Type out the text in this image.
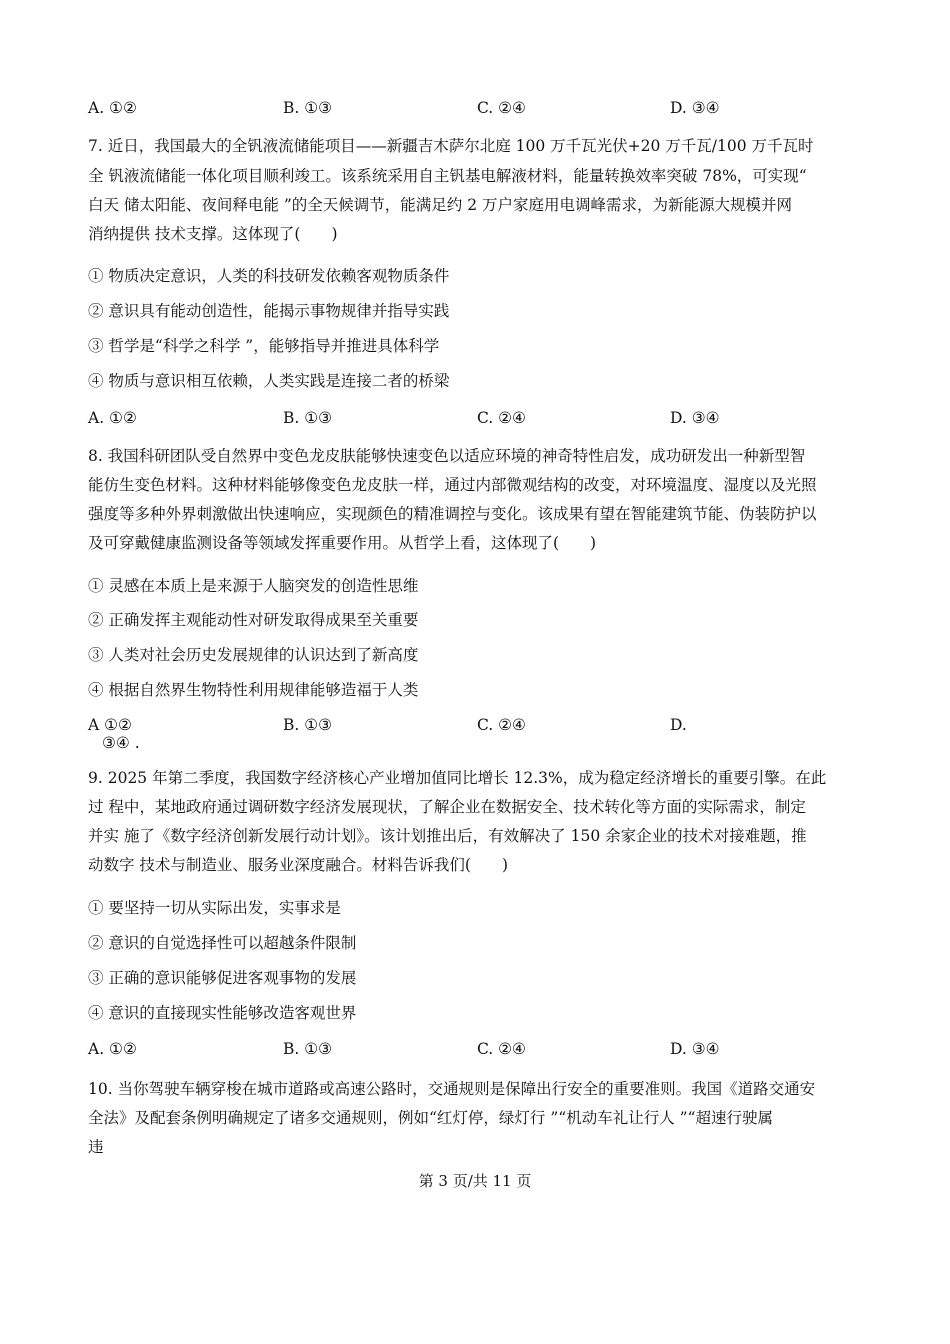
A. ①②	B. ①③	C. ②④	D. ③④
7. 近日，我国最大的全钒液流储能项目——新疆吉木萨尔北庭 100 万千瓦光伏+20 万千瓦/100 万千瓦时
全 钒液流储能一体化项目顺利竣工。该系统采用自主钒基电解液材料，能量转换效率突破 78%，可实现“
白天 储太阳能、夜间释电能 ”的全天候调节，能满足约 2 万户家庭用电调峰需求，为新能源大规模并网
消纳提供 技术支撑。这体现了(　　)
① 物质决定意识，人类的科技研发依赖客观物质条件
② 意识具有能动创造性，能揭示事物规律并指导实践
③ 哲学是“科学之科学 ”，能够指导并推进具体科学
④ 物质与意识相互依赖，人类实践是连接二者的桥梁
A. ①②	B. ①③	C. ②④	D. ③④
8. 我国科研团队受自然界中变色龙皮肤能够快速变色以适应环境的神奇特性启发，成功研发出一种新型智
能仿生变色材料。这种材料能够像变色龙皮肤一样，通过内部微观结构的改变，对环境温度、湿度以及光照
强度等多种外界刺激做出快速响应，实现颜色的精准调控与变化。该成果有望在智能建筑节能、伪装防护以
及可穿戴健康监测设备等领域发挥重要作用。从哲学上看，这体现了(　　)
① 灵感在本质上是来源于人脑突发的创造性思维
② 正确发挥主观能动性对研发取得成果至关重要
③ 人类对社会历史发展规律的认识达到了新高度
④ 根据自然界生物特性利用规律能够造福于人类
A ①②	B. ①③	C. ②④	D.
③④ .
9. 2025 年第二季度，我国数字经济核心产业增加值同比增长 12.3%，成为稳定经济增长的重要引擎。在此
过 程中，某地政府通过调研数字经济发展现状，了解企业在数据安全、技术转化等方面的实际需求，制定
并实 施了《数字经济创新发展行动计划》。该计划推出后，有效解决了 150 余家企业的技术对接难题，推
动数字 技术与制造业、服务业深度融合。材料告诉我们(　　)
① 要坚持一切从实际出发，实事求是
② 意识的自觉选择性可以超越条件限制
③ 正确的意识能够促进客观事物的发展
④ 意识的直接现实性能够改造客观世界
A. ①②	B. ①③	C. ②④	D. ③④
10. 当你驾驶车辆穿梭在城市道路或高速公路时，交通规则是保障出行安全的重要准则。我国《道路交通安
全法》及配套条例明确规定了诸多交通规则，例如“红灯停，绿灯行 ”“机动车礼让行人 ”“超速行驶属
违
第 3 页/共 11 页
